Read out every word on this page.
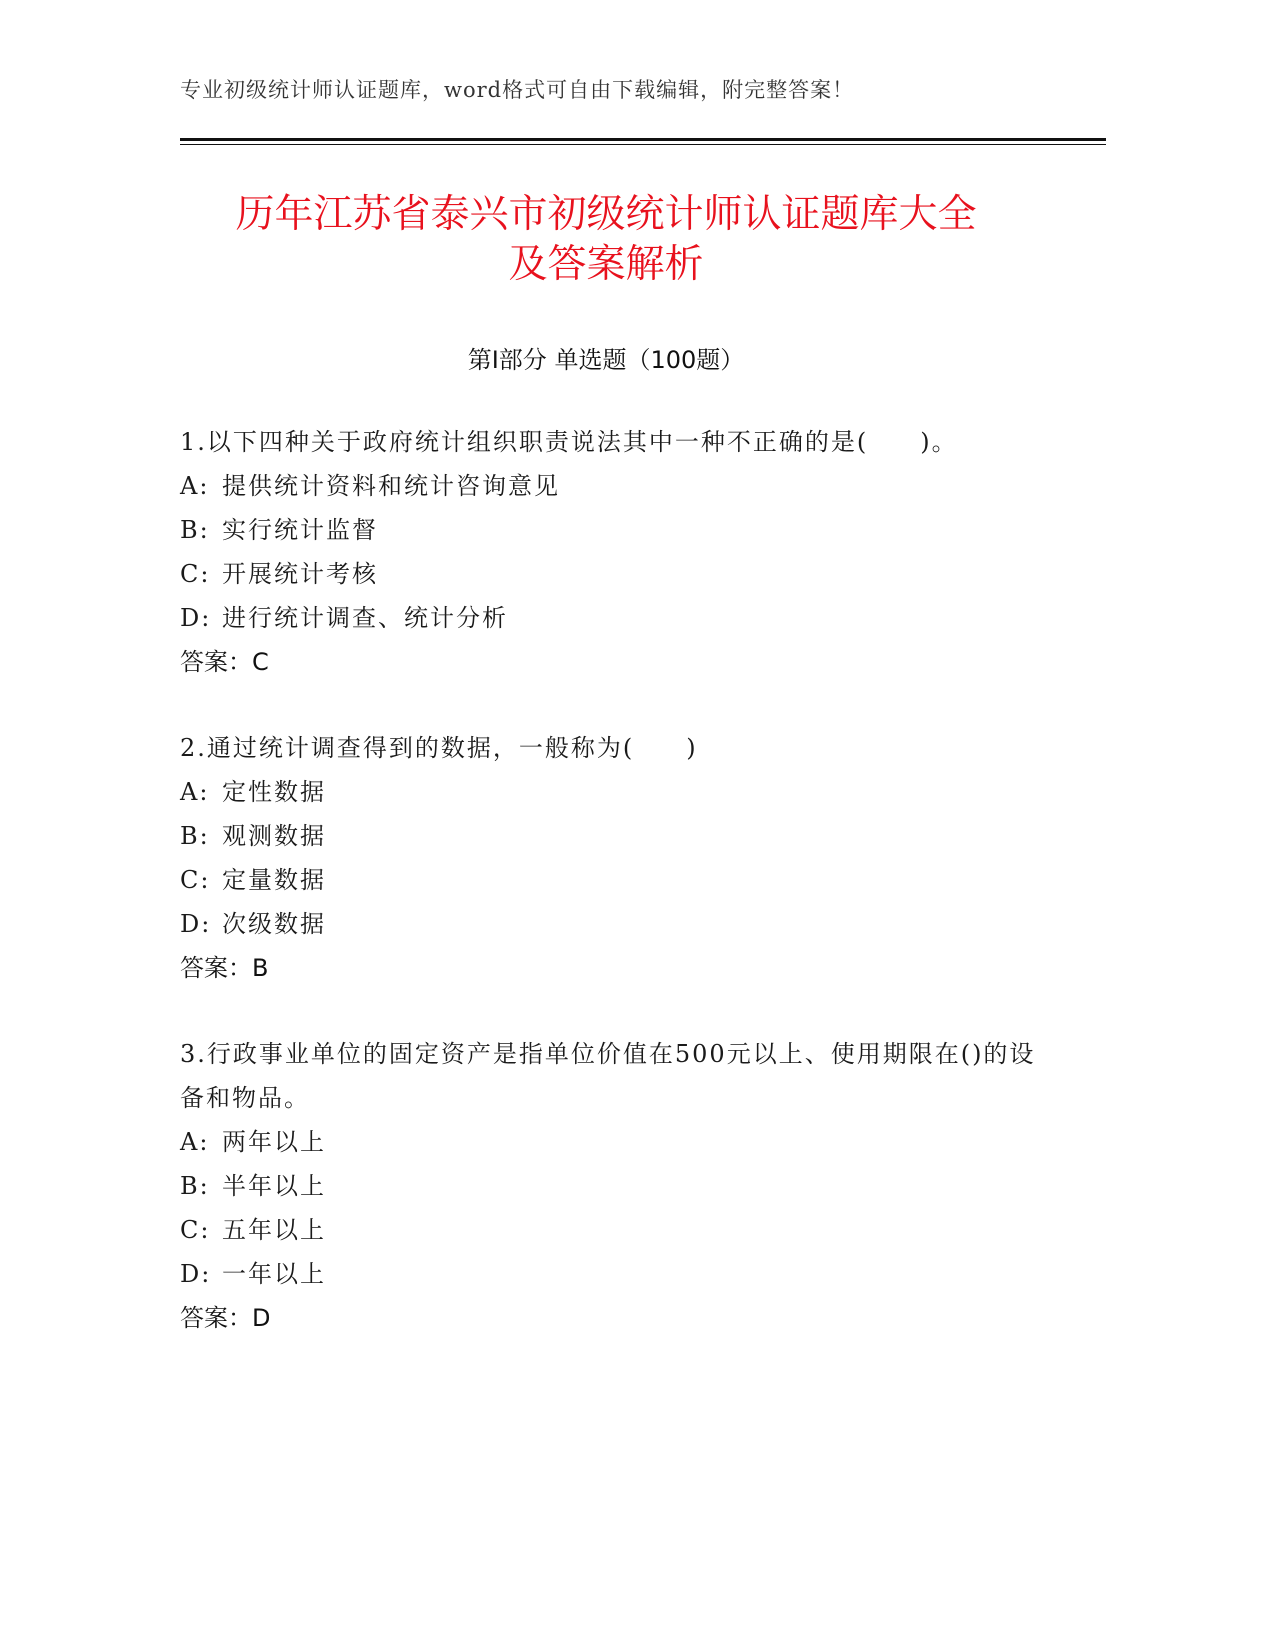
专业初级统计师认证题库，word格式可自由下载编辑，附完整答案！
历年江苏省泰兴市初级统计师认证题库大全
及答案解析
第Ⅰ部分 单选题（100题）
1.以下四种关于政府统计组织职责说法其中一种不正确的是(　　)。
A: 提供统计资料和统计咨询意见
B: 实行统计监督
C: 开展统计考核
D: 进行统计调查、统计分析
答案：C
2.通过统计调查得到的数据，一般称为(　　)
A: 定性数据
B: 观测数据
C: 定量数据
D: 次级数据
答案：B
3.行政事业单位的固定资产是指单位价值在500元以上、使用期限在()的设备和物品。
A: 两年以上
B: 半年以上
C: 五年以上
D: 一年以上
答案：D
